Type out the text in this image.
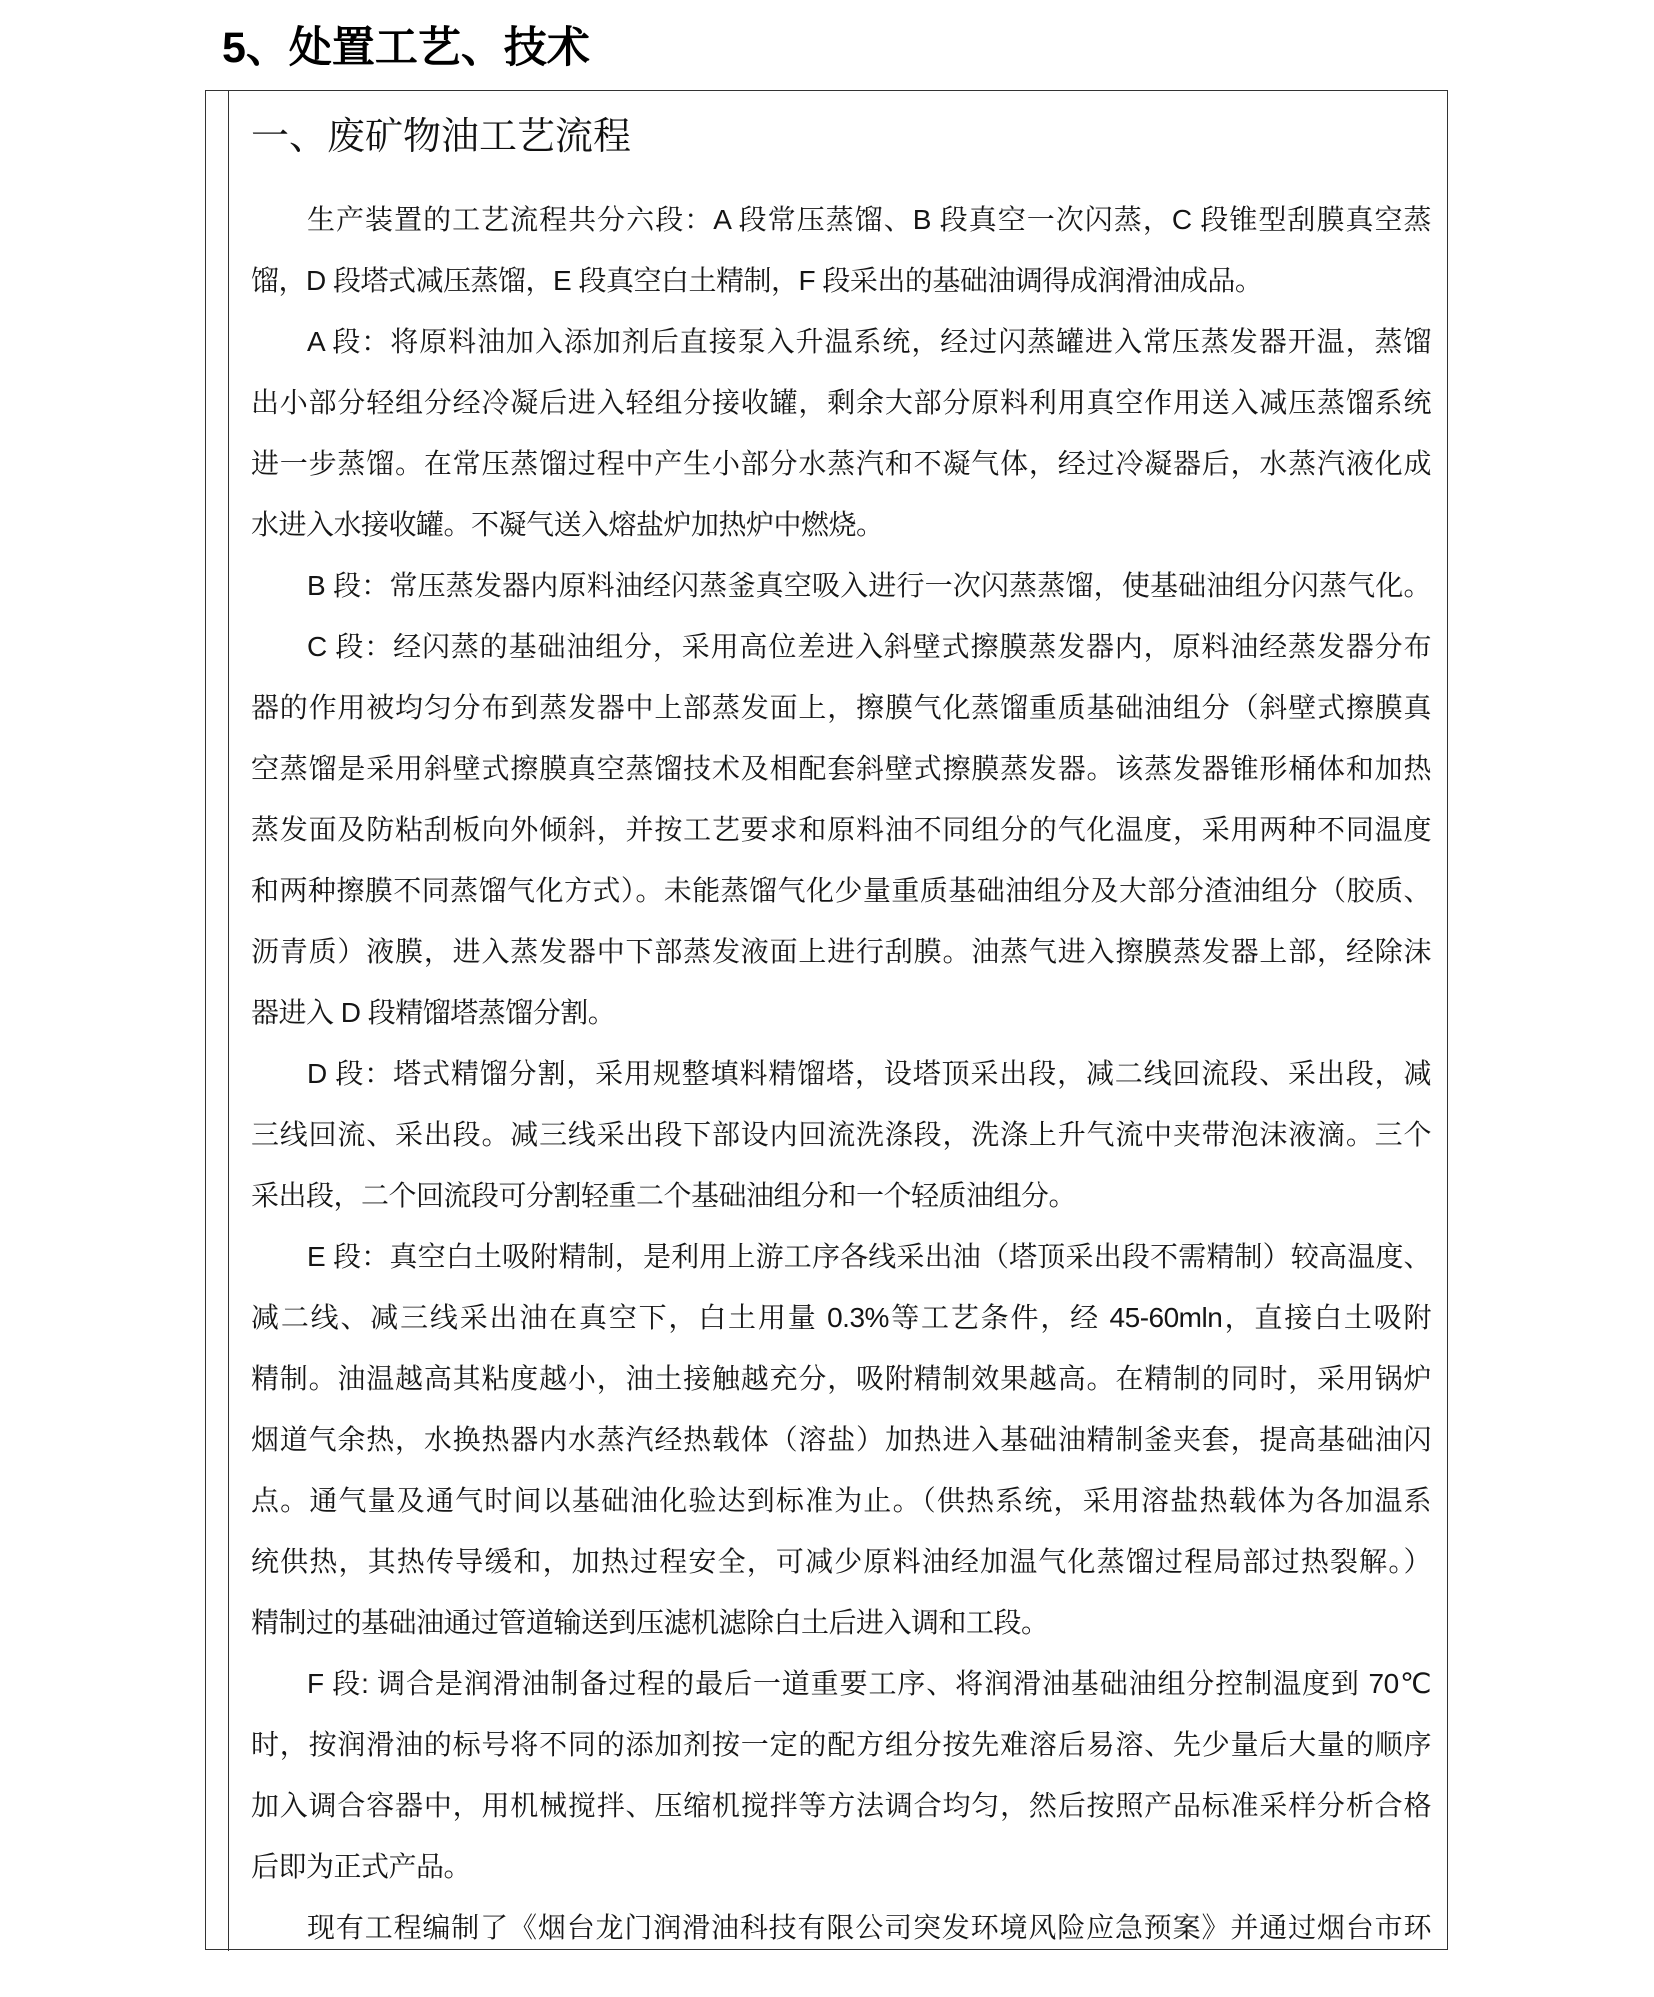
5、处置工艺、技术
一、废矿物油工艺流程
生产装置的工艺流程共分六段：A 段常压蒸馏、B 段真空一次闪蒸，C 段锥型刮膜真空蒸
馏，D 段塔式减压蒸馏，E 段真空白土精制，F 段采出的基础油调得成润滑油成品。
A 段：将原料油加入添加剂后直接泵入升温系统，经过闪蒸罐进入常压蒸发器开温，蒸馏
出小部分轻组分经冷凝后进入轻组分接收罐，剩余大部分原料利用真空作用送入减压蒸馏系统
进一步蒸馏。在常压蒸馏过程中产生小部分水蒸汽和不凝气体，经过冷凝器后，水蒸汽液化成
水进入水接收罐。不凝气送入熔盐炉加热炉中燃烧。
B 段：常压蒸发器内原料油经闪蒸釜真空吸入进行一次闪蒸蒸馏，使基础油组分闪蒸气化。
C 段：经闪蒸的基础油组分，采用高位差进入斜壁式擦膜蒸发器内，原料油经蒸发器分布
器的作用被均匀分布到蒸发器中上部蒸发面上，擦膜气化蒸馏重质基础油组分（斜壁式擦膜真
空蒸馏是采用斜壁式擦膜真空蒸馏技术及相配套斜壁式擦膜蒸发器。该蒸发器锥形桶体和加热
蒸发面及防粘刮板向外倾斜，并按工艺要求和原料油不同组分的气化温度，采用两种不同温度
和两种擦膜不同蒸馏气化方式）。未能蒸馏气化少量重质基础油组分及大部分渣油组分（胶质、
沥青质）液膜，进入蒸发器中下部蒸发液面上进行刮膜。油蒸气进入擦膜蒸发器上部，经除沫
器进入 D 段精馏塔蒸馏分割。
D 段：塔式精馏分割，采用规整填料精馏塔，设塔顶采出段，减二线回流段、采出段，减
三线回流、采出段。减三线采出段下部设内回流洗涤段，洗涤上升气流中夹带泡沫液滴。三个
采出段，二个回流段可分割轻重二个基础油组分和一个轻质油组分。
E 段：真空白土吸附精制，是利用上游工序各线采出油（塔顶采出段不需精制）较高温度、
减二线、减三线采出油在真空下，白土用量 0.3%等工艺条件，经 45-60mln，直接白土吸附
精制。油温越高其粘度越小，油土接触越充分，吸附精制效果越高。在精制的同时，采用锅炉
烟道气余热，水换热器内水蒸汽经热载体（溶盐）加热进入基础油精制釜夹套，提高基础油闪
点。通气量及通气时间以基础油化验达到标准为止。（供热系统，采用溶盐热载体为各加温系
统供热，其热传导缓和，加热过程安全，可减少原料油经加温气化蒸馏过程局部过热裂解。）
精制过的基础油通过管道输送到压滤机滤除白土后进入调和工段。
F 段: 调合是润滑油制备过程的最后一道重要工序、将润滑油基础油组分控制温度到 70℃
时，按润滑油的标号将不同的添加剂按一定的配方组分按先难溶后易溶、先少量后大量的顺序
加入调合容器中，用机械搅拌、压缩机搅拌等方法调合均匀，然后按照产品标准采样分析合格
后即为正式产品。
现有工程编制了《烟台龙门润滑油科技有限公司突发环境风险应急预案》并通过烟台市环
